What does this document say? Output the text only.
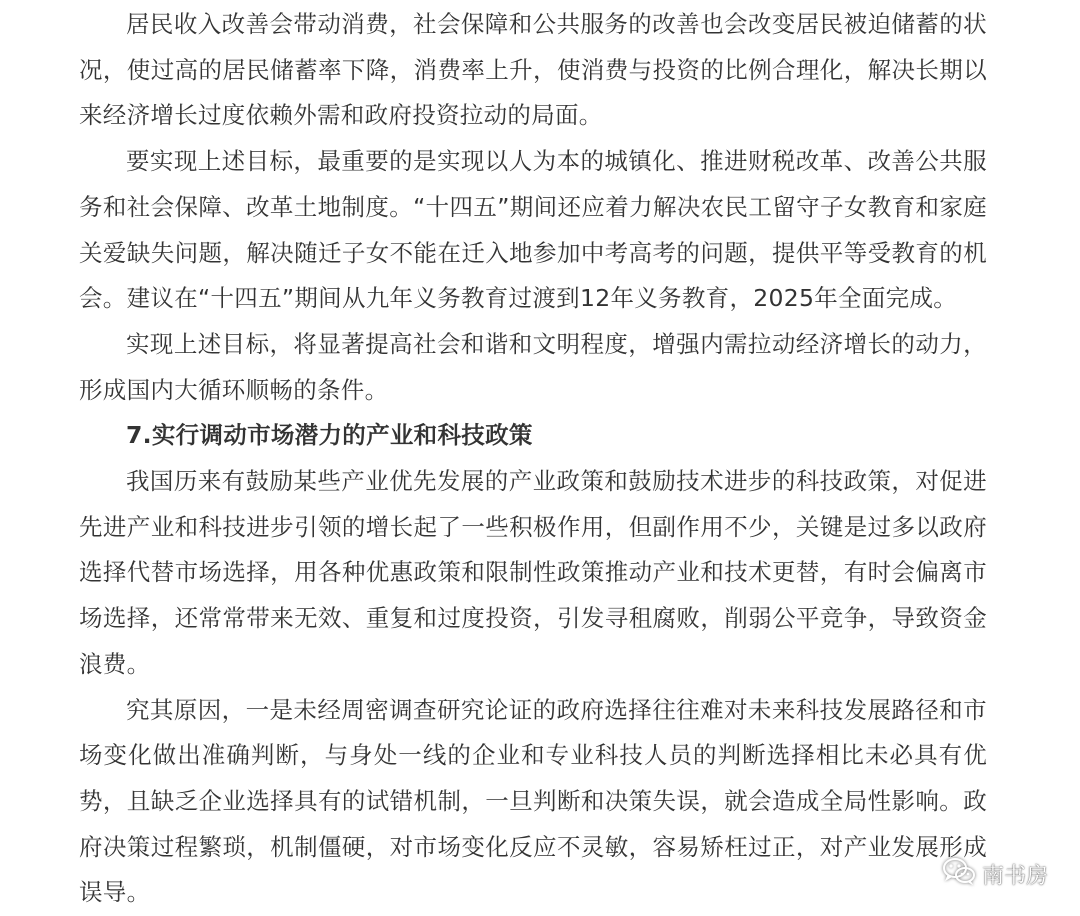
居民收入改善会带动消费，社会保障和公共服务的改善也会改变居民被迫储蓄的状况，使过高的居民储蓄率下降，消费率上升，使消费与投资的比例合理化，解决长期以来经济增长过度依赖外需和政府投资拉动的局面。

要实现上述目标，最重要的是实现以人为本的城镇化、推进财税改革、改善公共服务和社会保障、改革土地制度。“十四五”期间还应着力解决农民工留守子女教育和家庭关爱缺失问题，解决随迁子女不能在迁入地参加中考高考的问题，提供平等受教育的机会。建议在“十四五”期间从九年义务教育过渡到12年义务教育，2025年全面完成。

实现上述目标，将显著提高社会和谐和文明程度，增强内需拉动经济增长的动力，形成国内大循环顺畅的条件。

7.实行调动市场潜力的产业和科技政策

我国历来有鼓励某些产业优先发展的产业政策和鼓励技术进步的科技政策，对促进先进产业和科技进步引领的增长起了一些积极作用，但副作用不少，关键是过多以政府选择代替市场选择，用各种优惠政策和限制性政策推动产业和技术更替，有时会偏离市场选择，还常常带来无效、重复和过度投资，引发寻租腐败，削弱公平竞争，导致资金浪费。

究其原因，一是未经周密调查研究论证的政府选择往往难对未来科技发展路径和市场变化做出准确判断，与身处一线的企业和专业科技人员的判断选择相比未必具有优势，且缺乏企业选择具有的试错机制，一旦判断和决策失误，就会造成全局性影响。政府决策过程繁琐，机制僵硬，对市场变化反应不灵敏，容易矫枉过正，对产业发展形成误导。

南书房
